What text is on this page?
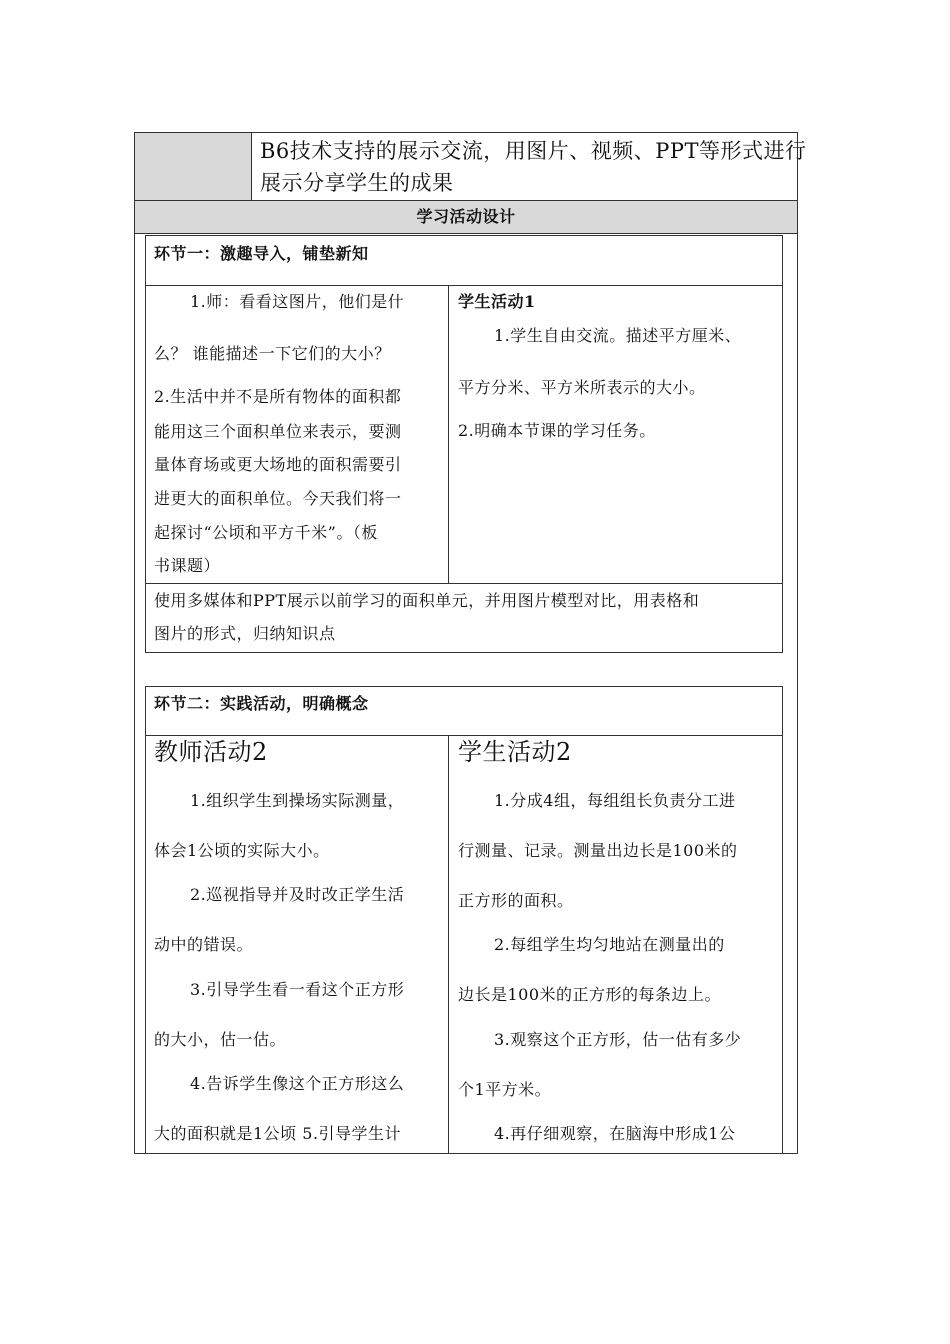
B6技术支持的展示交流，用图片、视频、PPT等形式进行
展示分享学生的成果
学习活动设计
环节一：激趣导入，铺垫新知
1.师：看看这图片，他们是什
么？ 谁能描述一下它们的大小？
2.生活中并不是所有物体的面积都
能用这三个面积单位来表示，要测
量体育场或更大场地的面积需要引
进更大的面积单位。今天我们将一
起探讨“公顷和平方千米”。（板
书课题）
学生活动1
1.学生自由交流。描述平方厘米、
平方分米、平方米所表示的大小。
2.明确本节课的学习任务。
使用多媒体和PPT展示以前学习的面积单元，并用图片模型对比，用表格和
图片的形式，归纳知识点
环节二：实践活动，明确概念
教师活动2
1.组织学生到操场实际测量，
体会1公顷的实际大小。
2.巡视指导并及时改正学生活
动中的错误。
3.引导学生看一看这个正方形
的大小，估一估。
4.告诉学生像这个正方形这么
大的面积就是1公顷 5.引导学生计
学生活动2
1.分成4组，每组组长负责分工进
行测量、记录。测量出边长是100米的
正方形的面积。
2.每组学生均匀地站在测量出的
边长是100米的正方形的每条边上。
3.观察这个正方形，估一估有多少
个1平方米。
4.再仔细观察，在脑海中形成1公
